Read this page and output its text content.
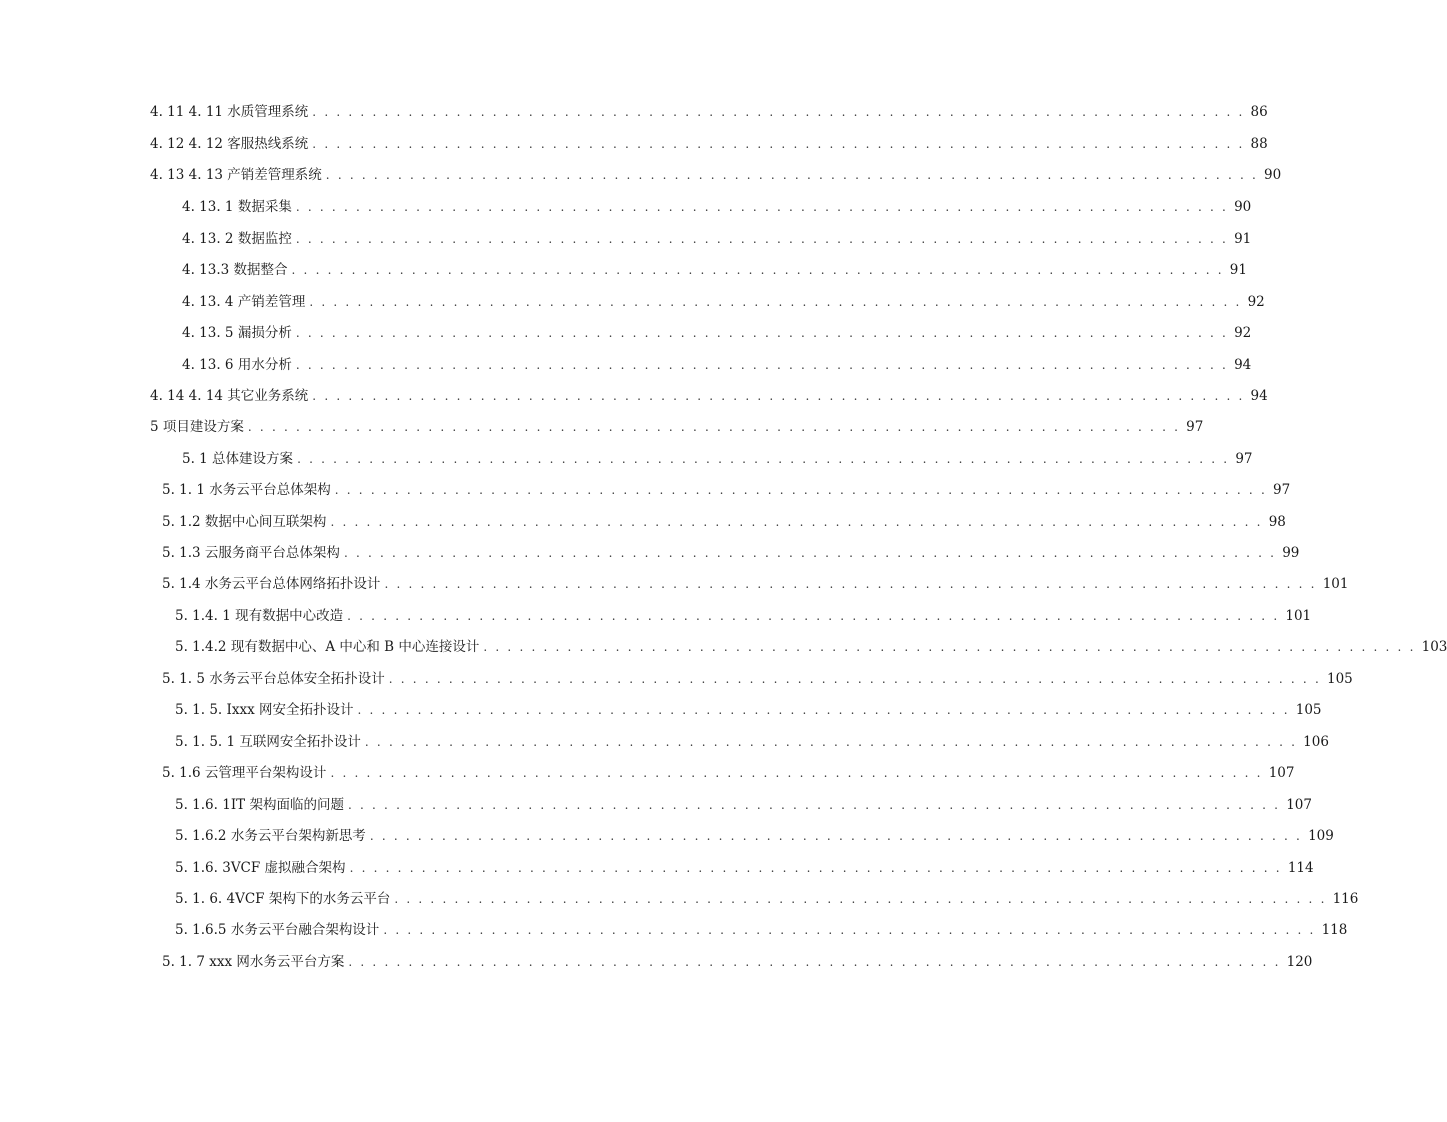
4. 11 4. 11 水质管理系统 . . . . . . . . . . . . . . . . . . . . . . . . . . . . . . . . . . . . . . . . . . . . . . . . . . . . . . . . . . . . . . . . . . . . . . . . . . . . . . 86
4. 12 4. 12 客服热线系统 . . . . . . . . . . . . . . . . . . . . . . . . . . . . . . . . . . . . . . . . . . . . . . . . . . . . . . . . . . . . . . . . . . . . . . . . . . . . . . 88
4. 13 4. 13 产销差管理系统 . . . . . . . . . . . . . . . . . . . . . . . . . . . . . . . . . . . . . . . . . . . . . . . . . . . . . . . . . . . . . . . . . . . . . . . . . . . . . . 90
4. 13. 1 数据采集 . . . . . . . . . . . . . . . . . . . . . . . . . . . . . . . . . . . . . . . . . . . . . . . . . . . . . . . . . . . . . . . . . . . . . . . . . . . . . . 90
4. 13. 2 数据监控 . . . . . . . . . . . . . . . . . . . . . . . . . . . . . . . . . . . . . . . . . . . . . . . . . . . . . . . . . . . . . . . . . . . . . . . . . . . . . . 91
4. 13.3 数据整合 . . . . . . . . . . . . . . . . . . . . . . . . . . . . . . . . . . . . . . . . . . . . . . . . . . . . . . . . . . . . . . . . . . . . . . . . . . . . . . 91
4. 13. 4 产销差管理 . . . . . . . . . . . . . . . . . . . . . . . . . . . . . . . . . . . . . . . . . . . . . . . . . . . . . . . . . . . . . . . . . . . . . . . . . . . . . . 92
4. 13. 5 漏损分析 . . . . . . . . . . . . . . . . . . . . . . . . . . . . . . . . . . . . . . . . . . . . . . . . . . . . . . . . . . . . . . . . . . . . . . . . . . . . . . 92
4. 13. 6 用水分析 . . . . . . . . . . . . . . . . . . . . . . . . . . . . . . . . . . . . . . . . . . . . . . . . . . . . . . . . . . . . . . . . . . . . . . . . . . . . . . 94
4. 14 4. 14 其它业务系统 . . . . . . . . . . . . . . . . . . . . . . . . . . . . . . . . . . . . . . . . . . . . . . . . . . . . . . . . . . . . . . . . . . . . . . . . . . . . . . 94
5 项目建设方案 . . . . . . . . . . . . . . . . . . . . . . . . . . . . . . . . . . . . . . . . . . . . . . . . . . . . . . . . . . . . . . . . . . . . . . . . . . . . . . 97
5. 1 总体建设方案 . . . . . . . . . . . . . . . . . . . . . . . . . . . . . . . . . . . . . . . . . . . . . . . . . . . . . . . . . . . . . . . . . . . . . . . . . . . . . . 97
5. 1. 1 水务云平台总体架构 . . . . . . . . . . . . . . . . . . . . . . . . . . . . . . . . . . . . . . . . . . . . . . . . . . . . . . . . . . . . . . . . . . . . . . . . . . . . . . 97
5. 1.2 数据中心间互联架构 . . . . . . . . . . . . . . . . . . . . . . . . . . . . . . . . . . . . . . . . . . . . . . . . . . . . . . . . . . . . . . . . . . . . . . . . . . . . . . 98
5. 1.3 云服务商平台总体架构 . . . . . . . . . . . . . . . . . . . . . . . . . . . . . . . . . . . . . . . . . . . . . . . . . . . . . . . . . . . . . . . . . . . . . . . . . . . . . . 99
5. 1.4 水务云平台总体网络拓扑设计 . . . . . . . . . . . . . . . . . . . . . . . . . . . . . . . . . . . . . . . . . . . . . . . . . . . . . . . . . . . . . . . . . . . . . . . . . . . . . . 101
5. 1.4. 1 现有数据中心改造 . . . . . . . . . . . . . . . . . . . . . . . . . . . . . . . . . . . . . . . . . . . . . . . . . . . . . . . . . . . . . . . . . . . . . . . . . . . . . . 101
5. 1.4.2 现有数据中心、A 中心和 B 中心连接设计 . . . . . . . . . . . . . . . . . . . . . . . . . . . . . . . . . . . . . . . . . . . . . . . . . . . . . . . . . . . . . . . . . . . . . . . . . . . . . . 103
5. 1. 5 水务云平台总体安全拓扑设计 . . . . . . . . . . . . . . . . . . . . . . . . . . . . . . . . . . . . . . . . . . . . . . . . . . . . . . . . . . . . . . . . . . . . . . . . . . . . . . 105
5. 1. 5. Ixxx 网安全拓扑设计 . . . . . . . . . . . . . . . . . . . . . . . . . . . . . . . . . . . . . . . . . . . . . . . . . . . . . . . . . . . . . . . . . . . . . . . . . . . . . . 105
5. 1. 5. 1 互联网安全拓扑设计 . . . . . . . . . . . . . . . . . . . . . . . . . . . . . . . . . . . . . . . . . . . . . . . . . . . . . . . . . . . . . . . . . . . . . . . . . . . . . . 106
5. 1.6 云管理平台架构设计 . . . . . . . . . . . . . . . . . . . . . . . . . . . . . . . . . . . . . . . . . . . . . . . . . . . . . . . . . . . . . . . . . . . . . . . . . . . . . . 107
5. 1.6. 1IT 架构面临的问题 . . . . . . . . . . . . . . . . . . . . . . . . . . . . . . . . . . . . . . . . . . . . . . . . . . . . . . . . . . . . . . . . . . . . . . . . . . . . . . 107
5. 1.6.2 水务云平台架构新思考 . . . . . . . . . . . . . . . . . . . . . . . . . . . . . . . . . . . . . . . . . . . . . . . . . . . . . . . . . . . . . . . . . . . . . . . . . . . . . . 109
5. 1.6. 3VCF 虚拟融合架构 . . . . . . . . . . . . . . . . . . . . . . . . . . . . . . . . . . . . . . . . . . . . . . . . . . . . . . . . . . . . . . . . . . . . . . . . . . . . . . 114
5. 1. 6. 4VCF 架构下的水务云平台 . . . . . . . . . . . . . . . . . . . . . . . . . . . . . . . . . . . . . . . . . . . . . . . . . . . . . . . . . . . . . . . . . . . . . . . . . . . . . . 116
5. 1.6.5 水务云平台融合架构设计 . . . . . . . . . . . . . . . . . . . . . . . . . . . . . . . . . . . . . . . . . . . . . . . . . . . . . . . . . . . . . . . . . . . . . . . . . . . . . . 118
5. 1. 7 xxx 网水务云平台方案 . . . . . . . . . . . . . . . . . . . . . . . . . . . . . . . . . . . . . . . . . . . . . . . . . . . . . . . . . . . . . . . . . . . . . . . . . . . . . . 120
